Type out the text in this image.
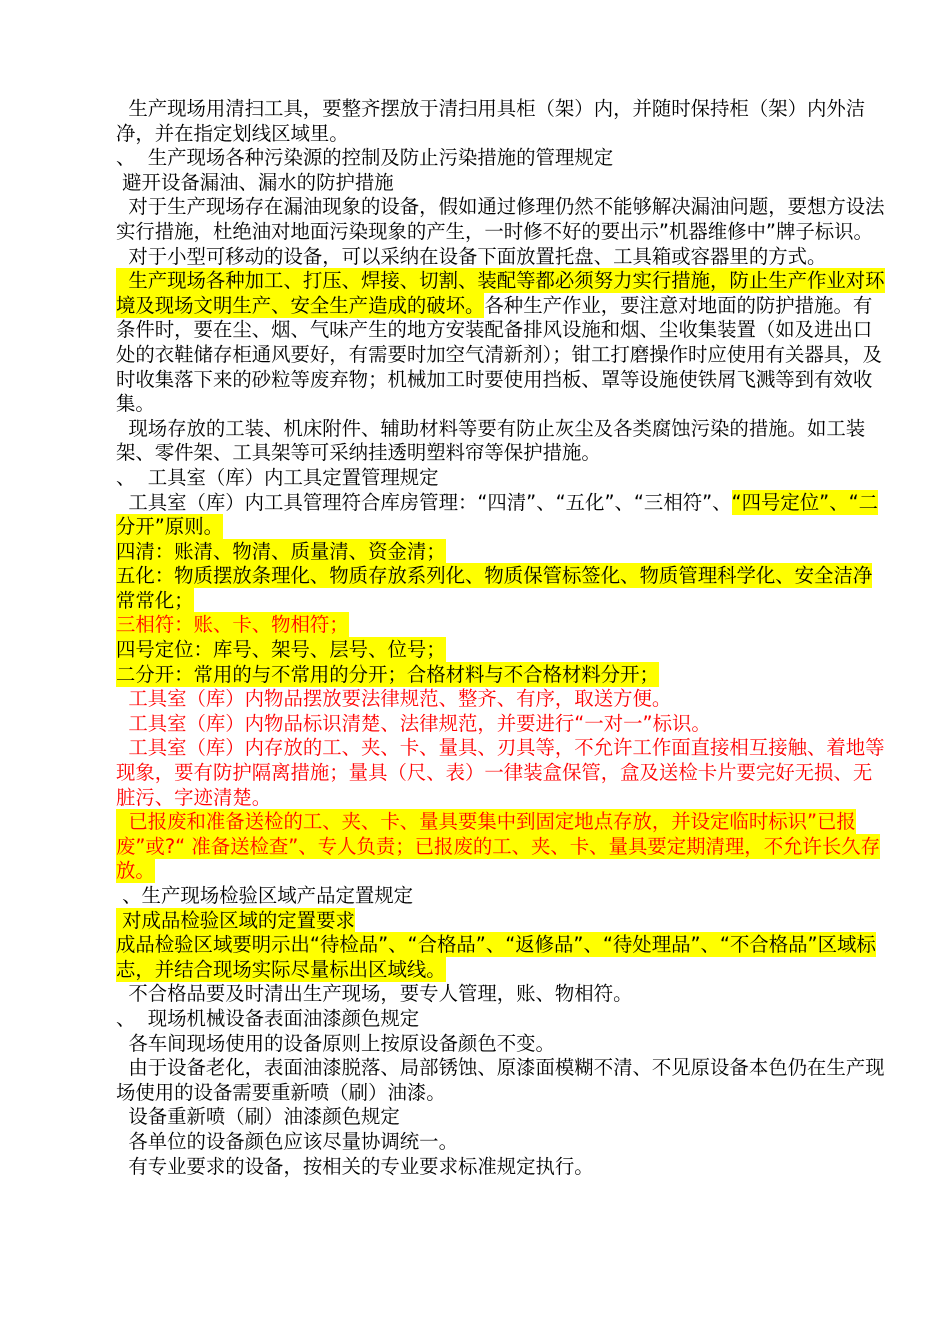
生产现场用清扫工具，要整齐摆放于清扫用具柜（架）内，并随时保持柜（架）内外洁净，并在指定划线区域里。

、  生产现场各种污染源的控制及防止污染措施的管理规定

避开设备漏油、漏水的防护措施

对于生产现场存在漏油现象的设备，假如通过修理仍然不能够解决漏油问题，要想方设法实行措施，杜绝油对地面污染现象的产生，一时修不好的要出示”机器维修中”牌子标识。

对于小型可移动的设备，可以采纳在设备下面放置托盘、工具箱或容器里的方式。

生产现场各种加工、打压、焊接、切割、装配等都必须努力实行措施，防止生产作业对环境及现场文明生产、安全生产造成的破坏。各种生产作业，要注意对地面的防护措施。有条件时，要在尘、烟、气味产生的地方安装配备排风设施和烟、尘收集装置（如及进出口处的衣鞋储存柜通风要好，有需要时加空气清新剂）；钳工打磨操作时应使用有关器具，及时收集落下来的砂粒等废弃物；机械加工时要使用挡板、罩等设施使铁屑飞溅等到有效收集。

现场存放的工装、机床附件、辅助材料等要有防止灰尘及各类腐蚀污染的措施。如工装架、零件架、工具架等可采纳挂透明塑料帘等保护措施。

、  工具室（库）内工具定置管理规定

工具室（库）内工具管理符合库房管理：“四清”、“五化”、“三相符”、“四号定位”、“二分开”原则。

四清：账清、物清、质量清、资金清；

五化：物质摆放条理化、物质存放系列化、物质保管标签化、物质管理科学化、安全洁净常常化；

三相符：账、卡、物相符；

四号定位：库号、架号、层号、位号；

二分开：常用的与不常用的分开；合格材料与不合格材料分开；

工具室（库）内物品摆放要法律规范、整齐、有序，取送方便。

工具室（库）内物品标识清楚、法律规范，并要进行“一对一”标识。

工具室（库）内存放的工、夹、卡、量具、刃具等，不允许工作面直接相互接触、着地等现象，要有防护隔离措施；量具（尺、表）一律装盒保管，盒及送检卡片要完好无损、无脏污、字迹清楚。

已报废和准备送检的工、夹、卡、量具要集中到固定地点存放，并设定临时标识”已报废”或?“ 准备送检查”、专人负责；已报废的工、夹、卡、量具要定期清理，不允许长久存放。

、生产现场检验区域产品定置规定

对成品检验区域的定置要求

成品检验区域要明示出“待检品”、“合格品”、“返修品”、“待处理品”、“不合格品”区域标志，并结合现场实际尽量标出区域线。

不合格品要及时清出生产现场，要专人管理，账、物相符。

、  现场机械设备表面油漆颜色规定

各车间现场使用的设备原则上按原设备颜色不变。

由于设备老化，表面油漆脱落、局部锈蚀、原漆面模糊不清、不见原设备本色仍在生产现场使用的设备需要重新喷（刷）油漆。

设备重新喷（刷）油漆颜色规定

各单位的设备颜色应该尽量协调统一。

有专业要求的设备，按相关的专业要求标准规定执行。
